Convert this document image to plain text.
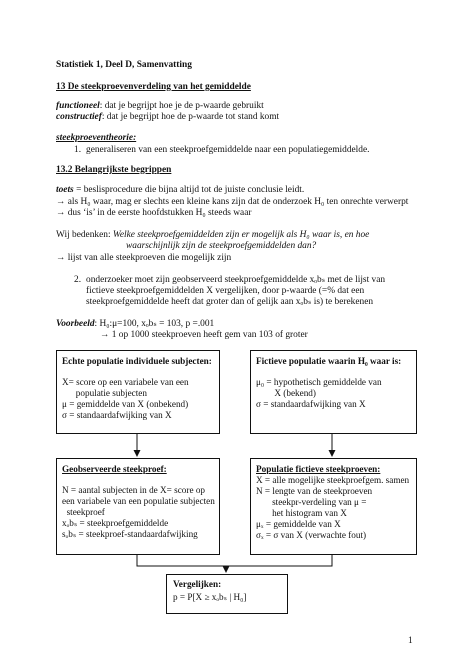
Statistiek 1, Deel D, Samenvatting
13 De steekproevenverdeling van het gemiddelde
functioneel: dat je begrijpt hoe je de p-waarde gebruikt
constructief: dat je begrijpt hoe de p-waarde tot stand komt
steekproeventheorie:
1. generaliseren van een steekproefgemiddelde naar een populatiegemiddelde.
13.2 Belangrijkste begrippen
toets = beslisprocedure die bijna altijd tot de juiste conclusie leidt.
→ als H₀ waar, mag er slechts een kleine kans zijn dat de onderzoek H₀ ten onrechte verwerpt
→ dus ‘is’ in de eerste hoofdstukken H₀ steeds waar
Wij bedenken: Welke steekproefgemiddelden zijn er mogelijk als H₀ waar is, en hoe
waarschijnlijk zijn de steekproefgemiddelden dan?
→ lijst van alle steekproeven die mogelijk zijn
2. onderzoeker moet zijn geobserveerd steekproefgemiddelde xₒbₛ met de lijst van
fictieve steekproefgemiddelden X vergelijken, door p-waarde (=% dat een
steekproefgemiddelde heeft dat groter dan of gelijk aan xₒbₛ is) te berekenen
Voorbeeld: H₀:μ=100, xₒbₛ = 103, p =.001
→ 1 op 1000 steekproeven heeft gem van 103 of groter
Echte populatie individuele subjecten:
X= score op een variabele van een
populatie subjecten
μ = gemiddelde van X (onbekend)
σ = standaardafwijking van X
Fictieve populatie waarin H₀ waar is:
μ₀ = hypothetisch gemiddelde van
X (bekend)
σ = standaardafwijking van X
Geobserveerde steekproef:
N = aantal subjecten in de X= score op
een variabele van een populatie subjecten
steekproef
xₒbₛ = steekproefgemiddelde
sₒbₛ = steekproef-standaardafwijking
Populatie fictieve steekproeven:
X = alle mogelijke steekproefgem. samen
N = lengte van de steekproeven
steekpr-verdeling van μ =
het histogram van X
μₓ = gemiddelde van X
σₓ = σ van X (verwachte fout)
Vergelijken:
p = P[X ≥ xₒbₛ | H₀]
1
